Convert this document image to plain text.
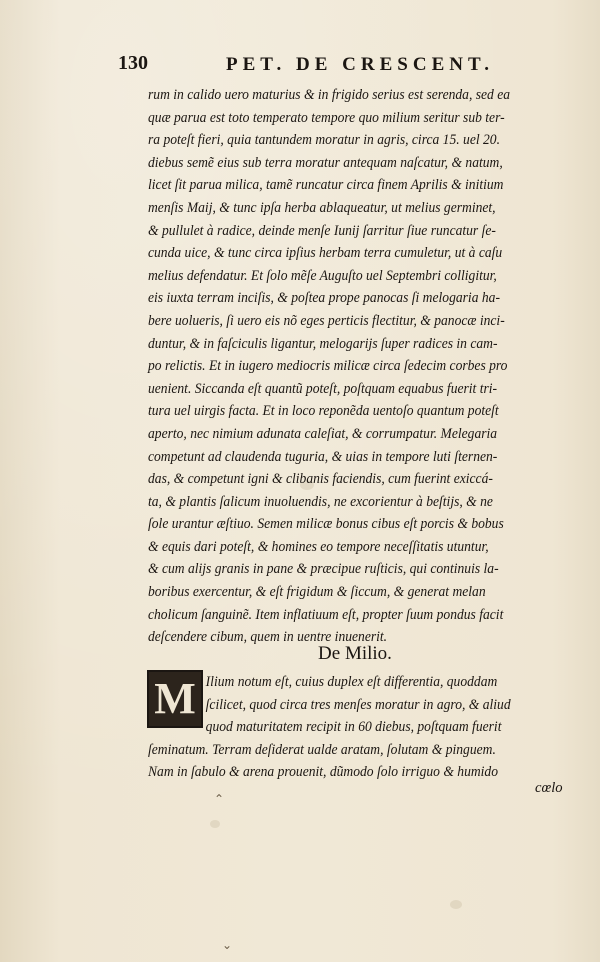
130	PET. DE CRESCENT.
rum in calido uero maturius & in frigido serius est serenda, sed ea
quæ parua est toto temperato tempore quo milium seritur sub ter-
ra poteſt fieri, quia tantundem moratur in agris, circa 15. uel 20.
diebus semẽ eius sub terra moratur antequam naſcatur, & natum,
licet ſit parua milica, tamẽ runcatur circa finem Aprilis & initium
menſis Maij, & tunc ipſa herba ablaqueatur, ut melius germinet,
& pullulet à radice, deinde menſe Iunij ſarritur ſiue runcatur ſe-
cunda uice, & tunc circa ipſius herbam terra cumuletur, ut à caſu
melius defendatur. Et ſolo mẽſe Auguſto uel Septembri colligitur,
eis iuxta terram inciſis, & poſtea prope panocas ſi melogaria ha-
bere uolueris, ſi uero eis nõ eges perticis flectitur, & panocæ inci-
duntur, & in faſciculis ligantur, melogarijs ſuper radices in cam-
po relictis. Et in iugero mediocris milicæ circa ſedecim corbes pro
uenient. Siccanda eſt quantũ poteſt, poſtquam equabus fuerit tri-
tura uel uirgis facta. Et in loco reponẽda uentoſo quantum poteſt
aperto, nec nimium adunata caleſiat, & corrumpatur. Melegaria
competunt ad claudenda tuguria, & uias in tempore luti ſternen-
das, & competunt igni & clibanis faciendis, cum fuerint exiccá-
ta, & plantis ſalicum inuoluendis, ne excorientur à beſtijs, & ne
ſole urantur æſtiuo. Semen milicæ bonus cibus eſt porcis & bobus
& equis dari poteſt, & homines eo tempore neceſſitatis utuntur,
& cum alijs granis in pane & præcipue ruſticis, qui continuis la-
boribus exercentur, & eſt frigidum & ſiccum, & generat melan
cholicum ſanguinẽ. Item inflatiuum eſt, propter ſuum pondus facit
deſcendere cibum, quem in uentre inuenerit.
De Milio.
M Ilium notum eſt, cuius duplex eſt differentia, quoddam
ſcilicet, quod circa tres menſes moratur in agro, & aliud
quod maturitatem recipit in 60 diebus, poſtquam fuerit
ſeminatum. Terram deſiderat ualde aratam, ſolutam & pinguem.
Nam in ſabulo & arena prouenit, dũmodo ſolo irriguo & humido
cœlo
⌃
⌄
